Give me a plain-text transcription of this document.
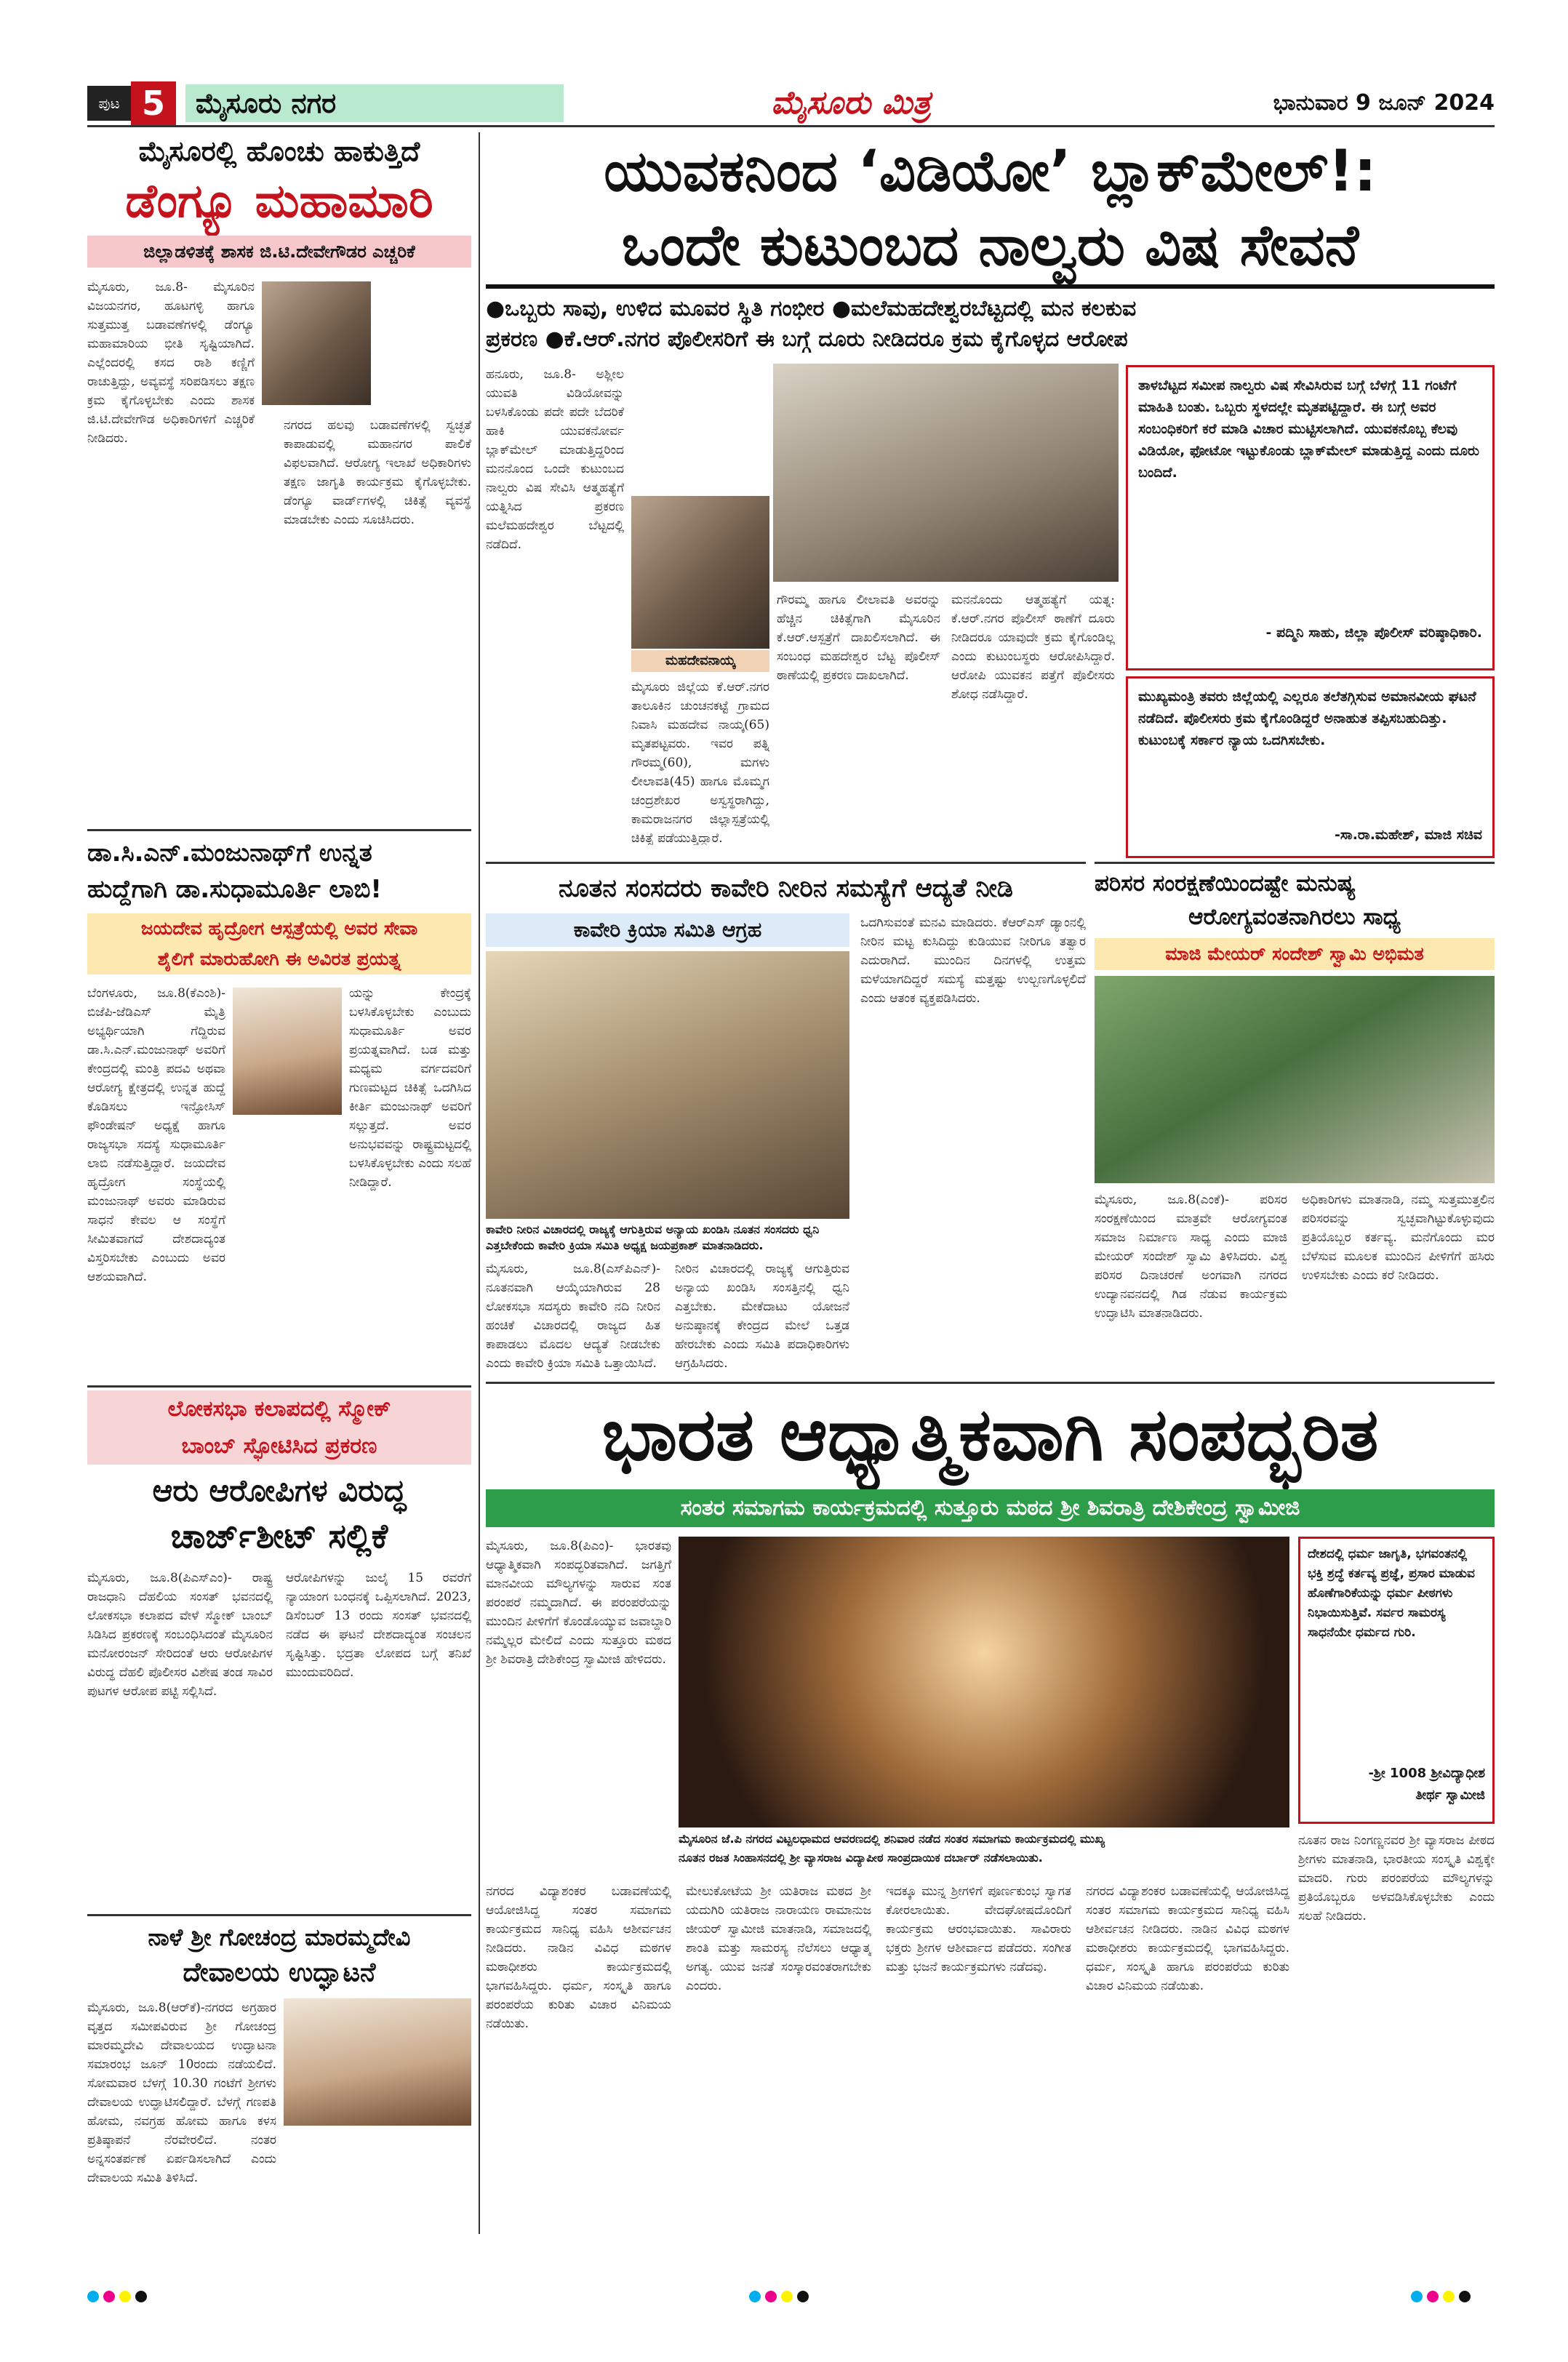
ಪುಟ 5	ಮೈಸೂರು ನಗರ	ಮೈಸೂರು ಮಿತ್ರ	ಭಾನುವಾರ 9 ಜೂನ್ 2024
ಮೈಸೂರಲ್ಲಿ ಹೊಂಚು ಹಾಕುತ್ತಿದೆ
ಡೆಂಗ್ಯೂ ಮಹಾಮಾರಿ
ಜಿಲ್ಲಾಡಳಿತಕ್ಕೆ ಶಾಸಕ ಜಿ.ಟಿ.ದೇವೇಗೌಡರ ಎಚ್ಚರಿಕೆ
ಮೈಸೂರು, ಜೂ.8- ಮೈಸೂರಿನ ವಿಜಯನಗರ, ಹೂಟಗಳ್ಳಿ ಹಾಗೂ ಸುತ್ತಮುತ್ತ ಬಡಾವಣೆಗಳಲ್ಲಿ ಡೆಂಗ್ಯೂ ಮಹಾಮಾರಿಯ ಭೀತಿ ಸೃಷ್ಟಿಯಾಗಿದೆ. ಎಲ್ಲೆಂದರಲ್ಲಿ ಕಸದ ರಾಶಿ ಕಣ್ಣಿಗೆ ರಾಚುತ್ತಿದ್ದು, ಅವ್ಯವಸ್ಥೆ ಸರಿಪಡಿಸಲು ತಕ್ಷಣ ಕ್ರಮ ಕೈಗೊಳ್ಳಬೇಕು ಎಂದು ಶಾಸಕ ಜಿ.ಟಿ.ದೇವೇಗೌಡ ಅಧಿಕಾರಿಗಳಿಗೆ ಎಚ್ಚರಿಕೆ ನೀಡಿದರು.
ನಗರದ ಹಲವು ಬಡಾವಣೆಗಳಲ್ಲಿ ಸ್ವಚ್ಛತೆ ಕಾಪಾಡುವಲ್ಲಿ ಮಹಾನಗರ ಪಾಲಿಕೆ ವಿಫಲವಾಗಿದೆ. ಆರೋಗ್ಯ ಇಲಾಖೆ ಅಧಿಕಾರಿಗಳು ತಕ್ಷಣ ಜಾಗೃತಿ ಕಾರ್ಯಕ್ರಮ ಕೈಗೊಳ್ಳಬೇಕು. ಡೆಂಗ್ಯೂ ವಾರ್ಡ್‌ಗಳಲ್ಲಿ ಚಿಕಿತ್ಸೆ ವ್ಯವಸ್ಥೆ ಮಾಡಬೇಕು ಎಂದು ಸೂಚಿಸಿದರು.
ಯುವಕನಿಂದ ‘ವಿಡಿಯೋ’ ಬ್ಲಾಕ್‌ಮೇಲ್!:
ಒಂದೇ ಕುಟುಂಬದ ನಾಲ್ವರು ವಿಷ ಸೇವನೆ
●ಒಬ್ಬರು ಸಾವು, ಉಳಿದ ಮೂವರ ಸ್ಥಿತಿ ಗಂಭೀರ ●ಮಲೆಮಹದೇಶ್ವರಬೆಟ್ಟದಲ್ಲಿ ಮನ ಕಲಕುವ
ಪ್ರಕರಣ ●ಕೆ.ಆರ್.ನಗರ ಪೊಲೀಸರಿಗೆ ಈ ಬಗ್ಗೆ ದೂರು ನೀಡಿದರೂ ಕ್ರಮ ಕೈಗೊಳ್ಳದ ಆರೋಪ
ಮಹದೇವನಾಯ್ಕ
ಹನೂರು, ಜೂ.8- ಅಶ್ಲೀಲ ಯುವತಿ ವಿಡಿಯೋವನ್ನು ಬಳಸಿಕೊಂಡು ಪದೇ ಪದೇ ಬೆದರಿಕೆ ಹಾಕಿ ಯುವಕನೋರ್ವ ಬ್ಲಾಕ್‌ಮೇಲ್ ಮಾಡುತ್ತಿದ್ದರಿಂದ ಮನನೊಂದ ಒಂದೇ ಕುಟುಂಬದ ನಾಲ್ವರು ವಿಷ ಸೇವಿಸಿ ಆತ್ಮಹತ್ಯೆಗೆ ಯತ್ನಿಸಿದ ಪ್ರಕರಣ ಮಲೆಮಹದೇಶ್ವರ ಬೆಟ್ಟದಲ್ಲಿ ನಡೆದಿದೆ.
ಮೈಸೂರು ಜಿಲ್ಲೆಯ ಕೆ.ಆರ್.ನಗರ ತಾಲೂಕಿನ ಚುಂಚನಕಟ್ಟೆ ಗ್ರಾಮದ ನಿವಾಸಿ ಮಹದೇವ ನಾಯ್ಕ(65) ಮೃತಪಟ್ಟವರು. ಇವರ ಪತ್ನಿ ಗೌರಮ್ಮ(60), ಮಗಳು ಲೀಲಾವತಿ(45) ಹಾಗೂ ಮೊಮ್ಮಗ ಚಂದ್ರಶೇಖರ ಅಸ್ವಸ್ಥರಾಗಿದ್ದು, ಕಾಮರಾಜನಗರ ಜಿಲ್ಲಾಸ್ಪತ್ರೆಯಲ್ಲಿ ಚಿಕಿತ್ಸೆ ಪಡೆಯುತ್ತಿದ್ದಾರೆ.
ಗೌರಮ್ಮ ಹಾಗೂ ಲೀಲಾವತಿ ಅವರನ್ನು ಹೆಚ್ಚಿನ ಚಿಕಿತ್ಸೆಗಾಗಿ ಮೈಸೂರಿನ ಕೆ.ಆರ್.ಆಸ್ಪತ್ರೆಗೆ ದಾಖಲಿಸಲಾಗಿದೆ. ಈ ಸಂಬಂಧ ಮಹದೇಶ್ವರ ಬೆಟ್ಟ ಪೊಲೀಸ್ ಠಾಣೆಯಲ್ಲಿ ಪ್ರಕರಣ ದಾಖಲಾಗಿದೆ.
ಮನನೊಂದು ಆತ್ಮಹತ್ಯೆಗೆ ಯತ್ನ: ಕೆ.ಆರ್.ನಗರ ಪೊಲೀಸ್ ಠಾಣೆಗೆ ದೂರು ನೀಡಿದರೂ ಯಾವುದೇ ಕ್ರಮ ಕೈಗೊಂಡಿಲ್ಲ ಎಂದು ಕುಟುಂಬಸ್ಥರು ಆರೋಪಿಸಿದ್ದಾರೆ. ಆರೋಪಿ ಯುವಕನ ಪತ್ತೆಗೆ ಪೊಲೀಸರು ಶೋಧ ನಡೆಸಿದ್ದಾರೆ.
ತಾಳಬೆಟ್ಟದ ಸಮೀಪ ನಾಲ್ವರು ವಿಷ ಸೇವಿಸಿರುವ ಬಗ್ಗೆ ಬೆಳಗ್ಗೆ 11 ಗಂಟೆಗೆ ಮಾಹಿತಿ ಬಂತು. ಒಬ್ಬರು ಸ್ಥಳದಲ್ಲೇ ಮೃತಪಟ್ಟಿದ್ದಾರೆ. ಈ ಬಗ್ಗೆ ಅವರ ಸಂಬಂಧಿಕರಿಗೆ ಕರೆ ಮಾಡಿ ವಿಚಾರ ಮುಟ್ಟಿಸಲಾಗಿದೆ. ಯುವಕನೊಬ್ಬ ಕೆಲವು ವಿಡಿಯೋ, ಫೋಟೋ ಇಟ್ಟುಕೊಂಡು ಬ್ಲಾಕ್‌ಮೇಲ್ ಮಾಡುತ್ತಿದ್ದ ಎಂದು ದೂರು ಬಂದಿದೆ.
- ಪದ್ಮಿನಿ ಸಾಹು, ಜಿಲ್ಲಾ ಪೊಲೀಸ್ ವರಿಷ್ಠಾಧಿಕಾರಿ.
ಮುಖ್ಯಮಂತ್ರಿ ತವರು ಜಿಲ್ಲೆಯಲ್ಲಿ ಎಲ್ಲರೂ ತಲೆತಗ್ಗಿಸುವ ಅಮಾನವೀಯ ಘಟನೆ ನಡೆದಿದೆ. ಪೊಲೀಸರು ಕ್ರಮ ಕೈಗೊಂಡಿದ್ದರೆ ಅನಾಹುತ ತಪ್ಪಿಸಬಹುದಿತ್ತು. ಕುಟುಂಬಕ್ಕೆ ಸರ್ಕಾರ ನ್ಯಾಯ ಒದಗಿಸಬೇಕು.
-ಸಾ.ರಾ.ಮಹೇಶ್, ಮಾಜಿ ಸಚಿವ
ಡಾ.ಸಿ.ಎನ್.ಮಂಜುನಾಥ್‌ಗೆ ಉನ್ನತ
ಹುದ್ದೆಗಾಗಿ ಡಾ.ಸುಧಾಮೂರ್ತಿ ಲಾಬಿ!
ಜಯದೇವ ಹೃದ್ರೋಗ ಆಸ್ಪತ್ರೆಯಲ್ಲಿ ಅವರ ಸೇವಾ
ಶೈಲಿಗೆ ಮಾರುಹೋಗಿ ಈ ಅವಿರತ ಪ್ರಯತ್ನ
ಬೆಂಗಳೂರು, ಜೂ.8(ಕೆಎಂಶಿ)- ಬಿಜೆಪಿ-ಜೆಡಿಎಸ್ ಮೈತ್ರಿ ಅಭ್ಯರ್ಥಿಯಾಗಿ ಗೆದ್ದಿರುವ ಡಾ.ಸಿ.ಎನ್.ಮಂಜುನಾಥ್ ಅವರಿಗೆ ಕೇಂದ್ರದಲ್ಲಿ ಮಂತ್ರಿ ಪದವಿ ಅಥವಾ ಆರೋಗ್ಯ ಕ್ಷೇತ್ರದಲ್ಲಿ ಉನ್ನತ ಹುದ್ದೆ ಕೊಡಿಸಲು ಇನ್ಫೋಸಿಸ್ ಫೌಂಡೇಷನ್ ಅಧ್ಯಕ್ಷೆ ಹಾಗೂ ರಾಜ್ಯಸಭಾ ಸದಸ್ಯೆ ಸುಧಾಮೂರ್ತಿ ಲಾಬಿ ನಡೆಸುತ್ತಿದ್ದಾರೆ. ಜಯದೇವ ಹೃದ್ರೋಗ ಸಂಸ್ಥೆಯಲ್ಲಿ ಮಂಜುನಾಥ್ ಅವರು ಮಾಡಿರುವ ಸಾಧನೆ ಕೇವಲ ಆ ಸಂಸ್ಥೆಗೆ ಸೀಮಿತವಾಗದೆ ದೇಶದಾದ್ಯಂತ ವಿಸ್ತರಿಸಬೇಕು ಎಂಬುದು ಅವರ ಆಶಯವಾಗಿದೆ.
ಯನ್ನು ಕೇಂದ್ರಕ್ಕೆ ಬಳಸಿಕೊಳ್ಳಬೇಕು ಎಂಬುದು ಸುಧಾಮೂರ್ತಿ ಅವರ ಪ್ರಯತ್ನವಾಗಿದೆ. ಬಡ ಮತ್ತು ಮಧ್ಯಮ ವರ್ಗದವರಿಗೆ ಗುಣಮಟ್ಟದ ಚಿಕಿತ್ಸೆ ಒದಗಿಸಿದ ಕೀರ್ತಿ ಮಂಜುನಾಥ್ ಅವರಿಗೆ ಸಲ್ಲುತ್ತದೆ. ಅವರ ಅನುಭವವನ್ನು ರಾಷ್ಟ್ರಮಟ್ಟದಲ್ಲಿ ಬಳಸಿಕೊಳ್ಳಬೇಕು ಎಂದು ಸಲಹೆ ನೀಡಿದ್ದಾರೆ.
ನೂತನ ಸಂಸದರು ಕಾವೇರಿ ನೀರಿನ ಸಮಸ್ಯೆಗೆ ಆದ್ಯತೆ ನೀಡಿ
ಕಾವೇರಿ ಕ್ರಿಯಾ ಸಮಿತಿ ಆಗ್ರಹ
ಕಾವೇರಿ ನೀರಿನ ವಿಚಾರದಲ್ಲಿ ರಾಜ್ಯಕ್ಕೆ ಆಗುತ್ತಿರುವ ಅನ್ಯಾಯ ಖಂಡಿಸಿ ನೂತನ ಸಂಸದರು ಧ್ವನಿ ಎತ್ತಬೇಕೆಂದು ಕಾವೇರಿ ಕ್ರಿಯಾ ಸಮಿತಿ ಅಧ್ಯಕ್ಷ ಜಯಪ್ರಕಾಶ್ ಮಾತನಾಡಿದರು.
ಮೈಸೂರು, ಜೂ.8(ಎಸ್‌ಪಿಎನ್)- ನೂತನವಾಗಿ ಆಯ್ಕೆಯಾಗಿರುವ 28 ಲೋಕಸಭಾ ಸದಸ್ಯರು ಕಾವೇರಿ ನದಿ ನೀರಿನ ಹಂಚಿಕೆ ವಿಚಾರದಲ್ಲಿ ರಾಜ್ಯದ ಹಿತ ಕಾಪಾಡಲು ಮೊದಲ ಆದ್ಯತೆ ನೀಡಬೇಕು ಎಂದು ಕಾವೇರಿ ಕ್ರಿಯಾ ಸಮಿತಿ ಒತ್ತಾಯಿಸಿದೆ.
ನೀರಿನ ವಿಚಾರದಲ್ಲಿ ರಾಜ್ಯಕ್ಕೆ ಆಗುತ್ತಿರುವ ಅನ್ಯಾಯ ಖಂಡಿಸಿ ಸಂಸತ್ತಿನಲ್ಲಿ ಧ್ವನಿ ಎತ್ತಬೇಕು. ಮೇಕೆದಾಟು ಯೋಜನೆ ಅನುಷ್ಠಾನಕ್ಕೆ ಕೇಂದ್ರದ ಮೇಲೆ ಒತ್ತಡ ಹೇರಬೇಕು ಎಂದು ಸಮಿತಿ ಪದಾಧಿಕಾರಿಗಳು ಆಗ್ರಹಿಸಿದರು.
ಒದಗಿಸುವಂತೆ ಮನವಿ ಮಾಡಿದರು. ಕೆಆರ್‌ಎಸ್ ಡ್ಯಾಂನಲ್ಲಿ ನೀರಿನ ಮಟ್ಟ ಕುಸಿದಿದ್ದು ಕುಡಿಯುವ ನೀರಿಗೂ ತತ್ವಾರ ಎದುರಾಗಿದೆ. ಮುಂದಿನ ದಿನಗಳಲ್ಲಿ ಉತ್ತಮ ಮಳೆಯಾಗದಿದ್ದರೆ ಸಮಸ್ಯೆ ಮತ್ತಷ್ಟು ಉಲ್ಬಣಗೊಳ್ಳಲಿದೆ ಎಂದು ಆತಂಕ ವ್ಯಕ್ತಪಡಿಸಿದರು.
ಪರಿಸರ ಸಂರಕ್ಷಣೆಯಿಂದಷ್ಟೇ ಮನುಷ್ಯ
ಆರೋಗ್ಯವಂತನಾಗಿರಲು ಸಾಧ್ಯ
ಮಾಜಿ ಮೇಯರ್ ಸಂದೇಶ್ ಸ್ವಾಮಿ ಅಭಿಮತ
ಮೈಸೂರು, ಜೂ.8(ಎಂಕೆ)- ಪರಿಸರ ಸಂರಕ್ಷಣೆಯಿಂದ ಮಾತ್ರವೇ ಆರೋಗ್ಯವಂತ ಸಮಾಜ ನಿರ್ಮಾಣ ಸಾಧ್ಯ ಎಂದು ಮಾಜಿ ಮೇಯರ್ ಸಂದೇಶ್ ಸ್ವಾಮಿ ತಿಳಿಸಿದರು. ವಿಶ್ವ ಪರಿಸರ ದಿನಾಚರಣೆ ಅಂಗವಾಗಿ ನಗರದ ಉದ್ಯಾನವನದಲ್ಲಿ ಗಿಡ ನೆಡುವ ಕಾರ್ಯಕ್ರಮ ಉದ್ಘಾಟಿಸಿ ಮಾತನಾಡಿದರು.
ಅಧಿಕಾರಿಗಳು ಮಾತನಾಡಿ, ನಮ್ಮ ಸುತ್ತಮುತ್ತಲಿನ ಪರಿಸರವನ್ನು ಸ್ವಚ್ಛವಾಗಿಟ್ಟುಕೊಳ್ಳುವುದು ಪ್ರತಿಯೊಬ್ಬರ ಕರ್ತವ್ಯ. ಮನೆಗೊಂದು ಮರ ಬೆಳೆಸುವ ಮೂಲಕ ಮುಂದಿನ ಪೀಳಿಗೆಗೆ ಹಸಿರು ಉಳಿಸಬೇಕು ಎಂದು ಕರೆ ನೀಡಿದರು.
ಲೋಕಸಭಾ ಕಲಾಪದಲ್ಲಿ ಸ್ಮೋಕ್
ಬಾಂಬ್ ಸ್ಫೋಟಿಸಿದ ಪ್ರಕರಣ
ಆರು ಆರೋಪಿಗಳ ವಿರುದ್ಧ
ಚಾರ್ಜ್‌ಶೀಟ್ ಸಲ್ಲಿಕೆ
ಮೈಸೂರು, ಜೂ.8(ಪಿಎಸ್‌ಎಂ)- ರಾಷ್ಟ್ರ ರಾಜಧಾನಿ ದೆಹಲಿಯ ಸಂಸತ್ ಭವನದಲ್ಲಿ ಲೋಕಸಭಾ ಕಲಾಪದ ವೇಳೆ ಸ್ಮೋಕ್ ಬಾಂಬ್ ಸಿಡಿಸಿದ ಪ್ರಕರಣಕ್ಕೆ ಸಂಬಂಧಿಸಿದಂತೆ ಮೈಸೂರಿನ ಮನೋರಂಜನ್ ಸೇರಿದಂತೆ ಆರು ಆರೋಪಿಗಳ ವಿರುದ್ಧ ದೆಹಲಿ ಪೊಲೀಸರ ವಿಶೇಷ ತಂಡ ಸಾವಿರ ಪುಟಗಳ ಆರೋಪ ಪಟ್ಟಿ ಸಲ್ಲಿಸಿದೆ.
ಆರೋಪಿಗಳನ್ನು ಜುಲೈ 15 ರವರೆಗೆ ನ್ಯಾಯಾಂಗ ಬಂಧನಕ್ಕೆ ಒಪ್ಪಿಸಲಾಗಿದೆ. 2023, ಡಿಸೆಂಬರ್ 13 ರಂದು ಸಂಸತ್ ಭವನದಲ್ಲಿ ನಡೆದ ಈ ಘಟನೆ ದೇಶದಾದ್ಯಂತ ಸಂಚಲನ ಸೃಷ್ಟಿಸಿತ್ತು. ಭದ್ರತಾ ಲೋಪದ ಬಗ್ಗೆ ತನಿಖೆ ಮುಂದುವರಿದಿದೆ.
ನಾಳೆ ಶ್ರೀ ಗೋಚಂದ್ರ ಮಾರಮ್ಮದೇವಿ
ದೇವಾಲಯ ಉದ್ಘಾಟನೆ
ಮೈಸೂರು, ಜೂ.8(ಆರ್‌ಕೆ)-ನಗರದ ಅಗ್ರಹಾರ ವೃತ್ತದ ಸಮೀಪವಿರುವ ಶ್ರೀ ಗೋಚಂದ್ರ ಮಾರಮ್ಮದೇವಿ ದೇವಾಲಯದ ಉದ್ಘಾಟನಾ ಸಮಾರಂಭ ಜೂನ್ 10ರಂದು ನಡೆಯಲಿದೆ. ಸೋಮವಾರ ಬೆಳಗ್ಗೆ 10.30 ಗಂಟೆಗೆ ಶ್ರೀಗಳು ದೇವಾಲಯ ಉದ್ಘಾಟಿಸಲಿದ್ದಾರೆ. ಬೆಳಗ್ಗೆ ಗಣಪತಿ ಹೋಮ, ನವಗ್ರಹ ಹೋಮ ಹಾಗೂ ಕಳಸ ಪ್ರತಿಷ್ಠಾಪನೆ ನೆರವೇರಲಿದೆ. ನಂತರ ಅನ್ನಸಂತರ್ಪಣೆ ಏರ್ಪಡಿಸಲಾಗಿದೆ ಎಂದು ದೇವಾಲಯ ಸಮಿತಿ ತಿಳಿಸಿದೆ.
ಭಾರತ ಆಧ್ಯಾತ್ಮಿಕವಾಗಿ ಸಂಪದ್ಭರಿತ
ಸಂತರ ಸಮಾಗಮ ಕಾರ್ಯಕ್ರಮದಲ್ಲಿ ಸುತ್ತೂರು ಮಠದ ಶ್ರೀ ಶಿವರಾತ್ರಿ ದೇಶಿಕೇಂದ್ರ ಸ್ವಾಮೀಜಿ
ಮೈಸೂರು, ಜೂ.8(ಪಿಎಂ)- ಭಾರತವು ಆಧ್ಯಾತ್ಮಿಕವಾಗಿ ಸಂಪದ್ಭರಿತವಾಗಿದೆ. ಜಗತ್ತಿಗೆ ಮಾನವೀಯ ಮೌಲ್ಯಗಳನ್ನು ಸಾರುವ ಸಂತ ಪರಂಪರೆ ನಮ್ಮದಾಗಿದೆ. ಈ ಪರಂಪರೆಯನ್ನು ಮುಂದಿನ ಪೀಳಿಗೆಗೆ ಕೊಂಡೊಯ್ಯುವ ಜವಾಬ್ದಾರಿ ನಮ್ಮೆಲ್ಲರ ಮೇಲಿದೆ ಎಂದು ಸುತ್ತೂರು ಮಠದ ಶ್ರೀ ಶಿವರಾತ್ರಿ ದೇಶಿಕೇಂದ್ರ ಸ್ವಾಮೀಜಿ ಹೇಳಿದರು.
ಮೈಸೂರಿನ ಜೆ.ಪಿ ನಗರದ ವಿಟ್ಟಲಧಾಮದ ಆವರಣದಲ್ಲಿ ಶನಿವಾರ ನಡೆದ ಸಂತರ ಸಮಾಗಮ ಕಾರ್ಯಕ್ರಮದಲ್ಲಿ ಮುಖ್ಯ
ನೂತನ ರಜತ ಸಿಂಹಾಸನದಲ್ಲಿ ಶ್ರೀ ವ್ಯಾಸರಾಜ ವಿದ್ಯಾಪೀಠ ಸಾಂಪ್ರದಾಯಿಕ ದರ್ಬಾರ್ ನಡೆಸಲಾಯಿತು.
ದೇಶದಲ್ಲಿ ಧರ್ಮ ಜಾಗೃತಿ, ಭಗವಂತನಲ್ಲಿ ಭಕ್ತಿ ಶ್ರದ್ಧೆ ಕರ್ತವ್ಯ ಪ್ರಜ್ಞೆ, ಪ್ರಸಾರ ಮಾಡುವ ಹೊಣೆಗಾರಿಕೆಯನ್ನು ಧರ್ಮ ಪೀಠಗಳು ನಿಭಾಯಿಸುತ್ತಿವೆ. ಸರ್ವರ ಸಾಮರಸ್ಯ ಸಾಧನೆಯೇ ಧರ್ಮದ ಗುರಿ.
-ಶ್ರೀ 1008 ಶ್ರೀವಿದ್ಯಾಧೀಶ
ತೀರ್ಥ ಸ್ವಾಮೀಜಿ
ನಗರದ ವಿದ್ಯಾಶಂಕರ ಬಡಾವಣೆಯಲ್ಲಿ ಆಯೋಜಿಸಿದ್ದ ಸಂತರ ಸಮಾಗಮ ಕಾರ್ಯಕ್ರಮದ ಸಾನಿಧ್ಯ ವಹಿಸಿ ಆಶೀರ್ವಚನ ನೀಡಿದರು. ನಾಡಿನ ವಿವಿಧ ಮಠಗಳ ಮಠಾಧೀಶರು ಕಾರ್ಯಕ್ರಮದಲ್ಲಿ ಭಾಗವಹಿಸಿದ್ದರು. ಧರ್ಮ, ಸಂಸ್ಕೃತಿ ಹಾಗೂ ಪರಂಪರೆಯ ಕುರಿತು ವಿಚಾರ ವಿನಿಮಯ ನಡೆಯಿತು.
ಮೇಲುಕೋಟೆಯ ಶ್ರೀ ಯತಿರಾಜ ಮಠದ ಶ್ರೀ ಯದುಗಿರಿ ಯತಿರಾಜ ನಾರಾಯಣ ರಾಮಾನುಜ ಜೀಯರ್ ಸ್ವಾಮೀಜಿ ಮಾತನಾಡಿ, ಸಮಾಜದಲ್ಲಿ ಶಾಂತಿ ಮತ್ತು ಸಾಮರಸ್ಯ ನೆಲೆಸಲು ಆಧ್ಯಾತ್ಮ ಅಗತ್ಯ. ಯುವ ಜನತೆ ಸಂಸ್ಕಾರವಂತರಾಗಬೇಕು ಎಂದರು.
ಇದಕ್ಕೂ ಮುನ್ನ ಶ್ರೀಗಳಿಗೆ ಪೂರ್ಣಕುಂಭ ಸ್ವಾಗತ ಕೋರಲಾಯಿತು. ವೇದಘೋಷದೊಂದಿಗೆ ಕಾರ್ಯಕ್ರಮ ಆರಂಭವಾಯಿತು. ಸಾವಿರಾರು ಭಕ್ತರು ಶ್ರೀಗಳ ಆಶೀರ್ವಾದ ಪಡೆದರು. ಸಂಗೀತ ಮತ್ತು ಭಜನೆ ಕಾರ್ಯಕ್ರಮಗಳು ನಡೆದವು.
ನಗರದ ವಿದ್ಯಾಶಂಕರ ಬಡಾವಣೆಯಲ್ಲಿ ಆಯೋಜಿಸಿದ್ದ ಸಂತರ ಸಮಾಗಮ ಕಾರ್ಯಕ್ರಮದ ಸಾನಿಧ್ಯ ವಹಿಸಿ ಆಶೀರ್ವಚನ ನೀಡಿದರು. ನಾಡಿನ ವಿವಿಧ ಮಠಗಳ ಮಠಾಧೀಶರು ಕಾರ್ಯಕ್ರಮದಲ್ಲಿ ಭಾಗವಹಿಸಿದ್ದರು. ಧರ್ಮ, ಸಂಸ್ಕೃತಿ ಹಾಗೂ ಪರಂಪರೆಯ ಕುರಿತು ವಿಚಾರ ವಿನಿಮಯ ನಡೆಯಿತು.
ನೂತನ ರಾಜ ನಿಂಗಣ್ಣನವರ ಶ್ರೀ ವ್ಯಾಸರಾಜ ಪೀಠದ ಶ್ರೀಗಳು ಮಾತನಾಡಿ, ಭಾರತೀಯ ಸಂಸ್ಕೃತಿ ವಿಶ್ವಕ್ಕೇ ಮಾದರಿ. ಗುರು ಪರಂಪರೆಯ ಮೌಲ್ಯಗಳನ್ನು ಪ್ರತಿಯೊಬ್ಬರೂ ಅಳವಡಿಸಿಕೊಳ್ಳಬೇಕು ಎಂದು ಸಲಹೆ ನೀಡಿದರು.
